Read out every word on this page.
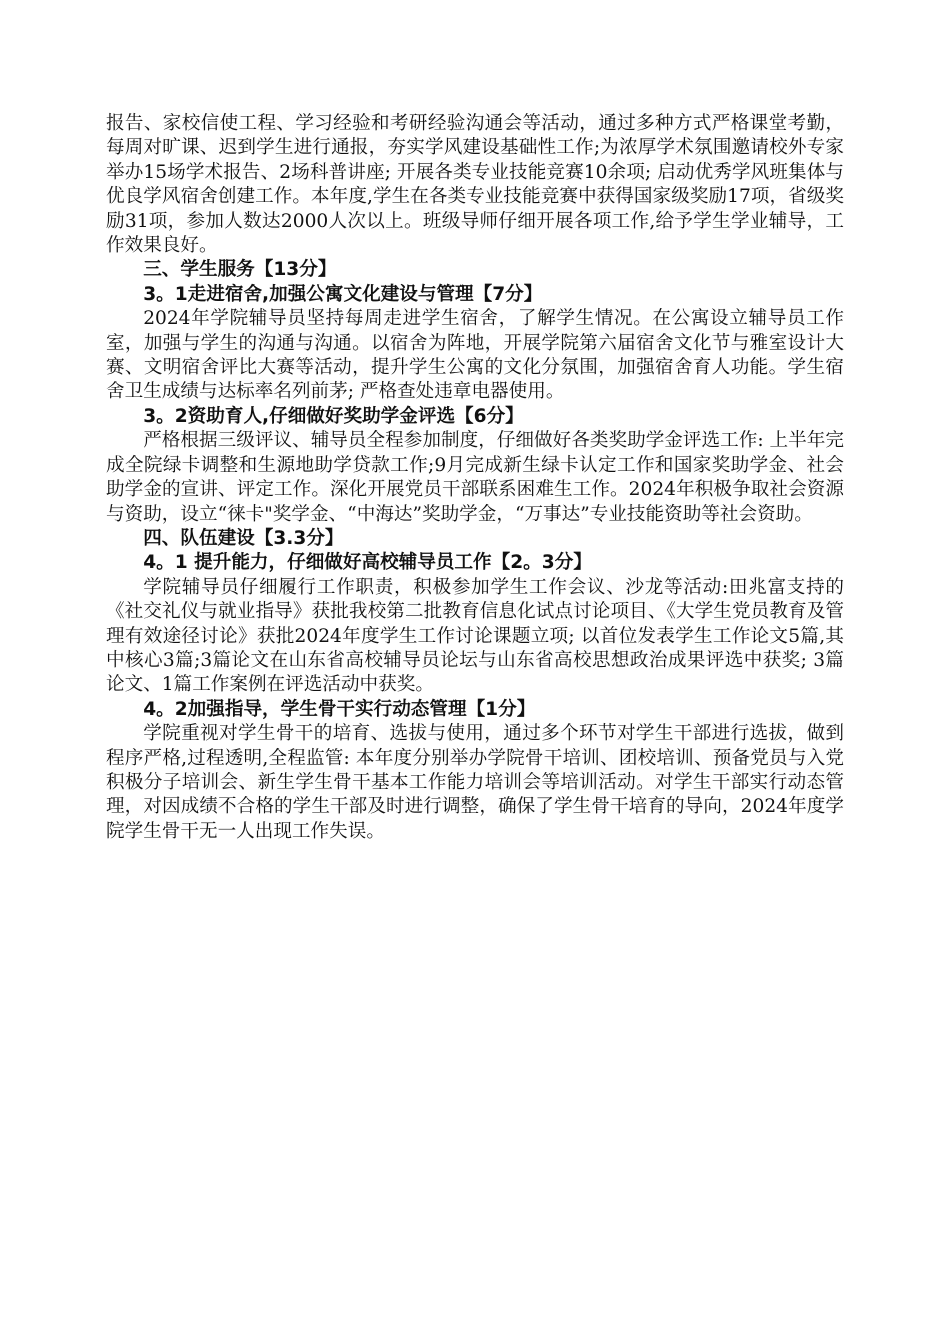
报告、家校信使工程、学习经验和考研经验沟通会等活动，通过多种方式严格课堂考勤，每周对旷课、迟到学生进行通报，夯实学风建设基础性工作;为浓厚学术氛围邀请校外专家举办15场学术报告、2场科普讲座; 开展各类专业技能竞赛10余项; 启动优秀学风班集体与优良学风宿舍创建工作。本年度,学生在各类专业技能竞赛中获得国家级奖励17项，省级奖励31项，参加人数达2000人次以上。班级导师仔细开展各项工作,给予学生学业辅导，工作效果良好。

三、学生服务【13分】

3。1走进宿舍,加强公寓文化建设与管理【7分】

2024年学院辅导员坚持每周走进学生宿舍，了解学生情况。在公寓设立辅导员工作室，加强与学生的沟通与沟通。以宿舍为阵地，开展学院第六届宿舍文化节与雅室设计大赛、文明宿舍评比大赛等活动，提升学生公寓的文化分氛围，加强宿舍育人功能。学生宿舍卫生成绩与达标率名列前茅; 严格查处违章电器使用。

3。2资助育人,仔细做好奖助学金评选【6分】

严格根据三级评议、辅导员全程参加制度，仔细做好各类奖助学金评选工作: 上半年完成全院绿卡调整和生源地助学贷款工作;9月完成新生绿卡认定工作和国家奖助学金、社会助学金的宣讲、评定工作。深化开展党员干部联系困难生工作。2024年积极争取社会资源与资助，设立“徕卡"奖学金、“中海达”奖助学金，“万事达”专业技能资助等社会资助。

四、队伍建设【3.3分】

4。1 提升能力，仔细做好高校辅导员工作【2。3分】

学院辅导员仔细履行工作职责，积极参加学生工作会议、沙龙等活动:田兆富支持的《社交礼仪与就业指导》获批我校第二批教育信息化试点讨论项目、《大学生党员教育及管理有效途径讨论》获批2024年度学生工作讨论课题立项; 以首位发表学生工作论文5篇,其中核心3篇;3篇论文在山东省高校辅导员论坛与山东省高校思想政治成果评选中获奖; 3篇论文、1篇工作案例在评选活动中获奖。

4。2加强指导，学生骨干实行动态管理【1分】

学院重视对学生骨干的培育、选拔与使用，通过多个环节对学生干部进行选拔，做到程序严格,过程透明,全程监管: 本年度分别举办学院骨干培训、团校培训、预备党员与入党积极分子培训会、新生学生骨干基本工作能力培训会等培训活动。对学生干部实行动态管理，对因成绩不合格的学生干部及时进行调整，确保了学生骨干培育的导向，2024年度学院学生骨干无一人出现工作失误。
